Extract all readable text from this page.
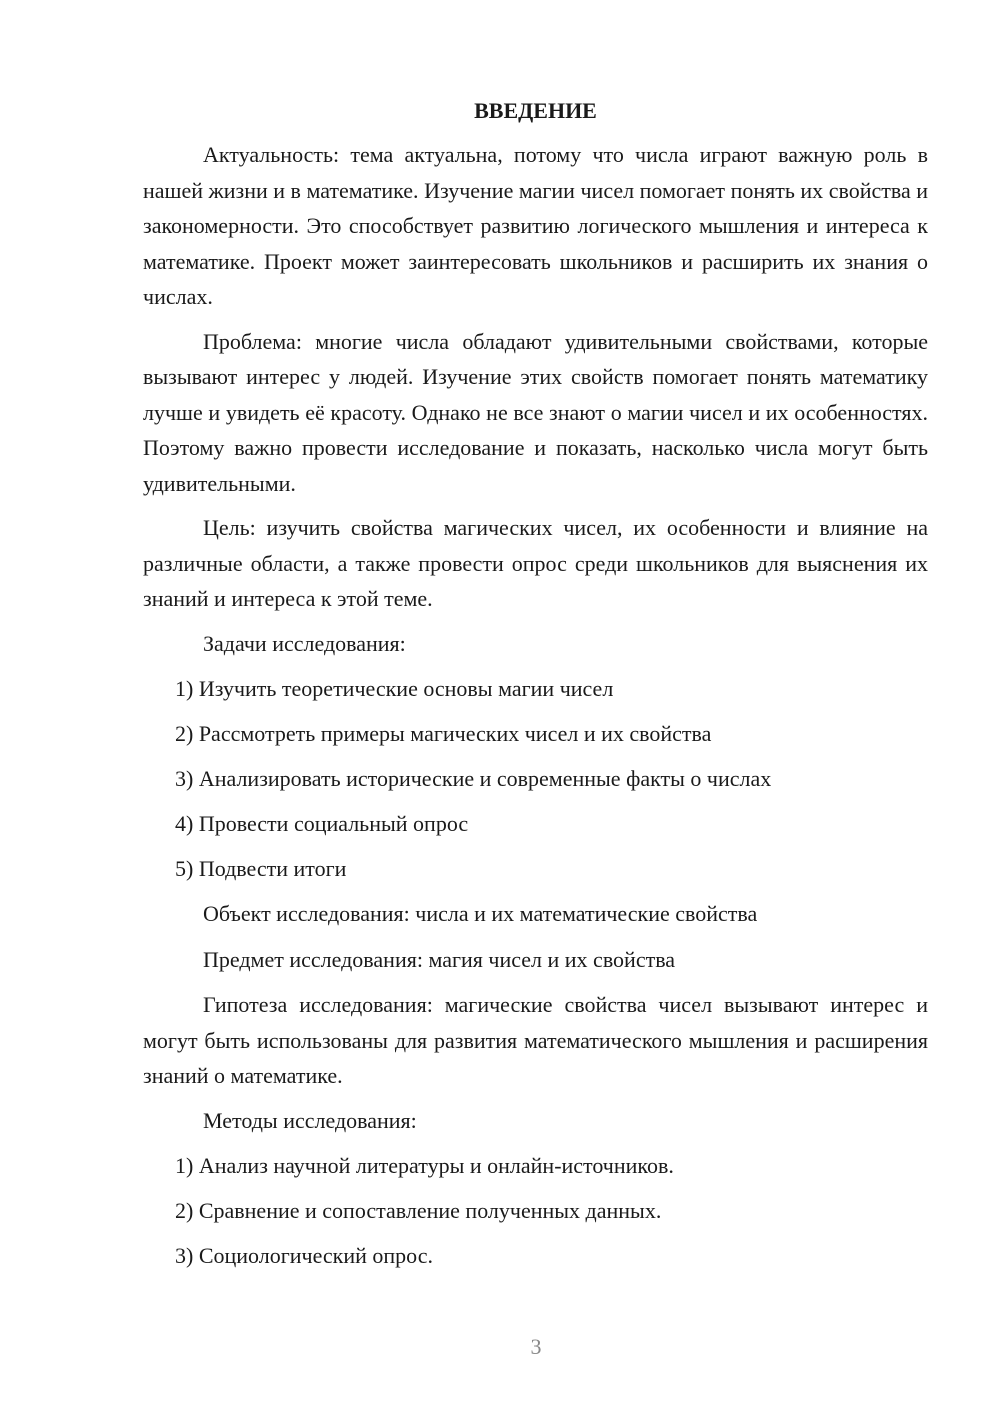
ВВЕДЕНИЕ

Актуальность: тема актуальна, потому что числа играют важную роль в нашей жизни и в математике. Изучение магии чисел помогает понять их свойства и закономерности. Это способствует развитию логического мышления и интереса к математике. Проект может заинтересовать школьников и расширить их знания о числах.

Проблема: многие числа обладают удивительными свойствами, которые вызывают интерес у людей. Изучение этих свойств помогает понять математику лучше и увидеть её красоту. Однако не все знают о магии чисел и их особенностях. Поэтому важно провести исследование и показать, насколько числа могут быть удивительными.

Цель: изучить свойства магических чисел, их особенности и влияние на различные области, а также провести опрос среди школьников для выяснения их знаний и интереса к этой теме.

Задачи исследования:

1) Изучить теоретические основы магии чисел

2) Рассмотреть примеры магических чисел и их свойства

3) Анализировать исторические и современные факты о числах

4) Провести социальный опрос

5) Подвести итоги

Объект исследования: числа и их математические свойства

Предмет исследования: магия чисел и их свойства

Гипотеза исследования: магические свойства чисел вызывают интерес и могут быть использованы для развития математического мышления и расширения знаний о математике.

Методы исследования:

1) Анализ научной литературы и онлайн-источников.

2) Сравнение и сопоставление полученных данных.

3) Социологический опрос.

3
